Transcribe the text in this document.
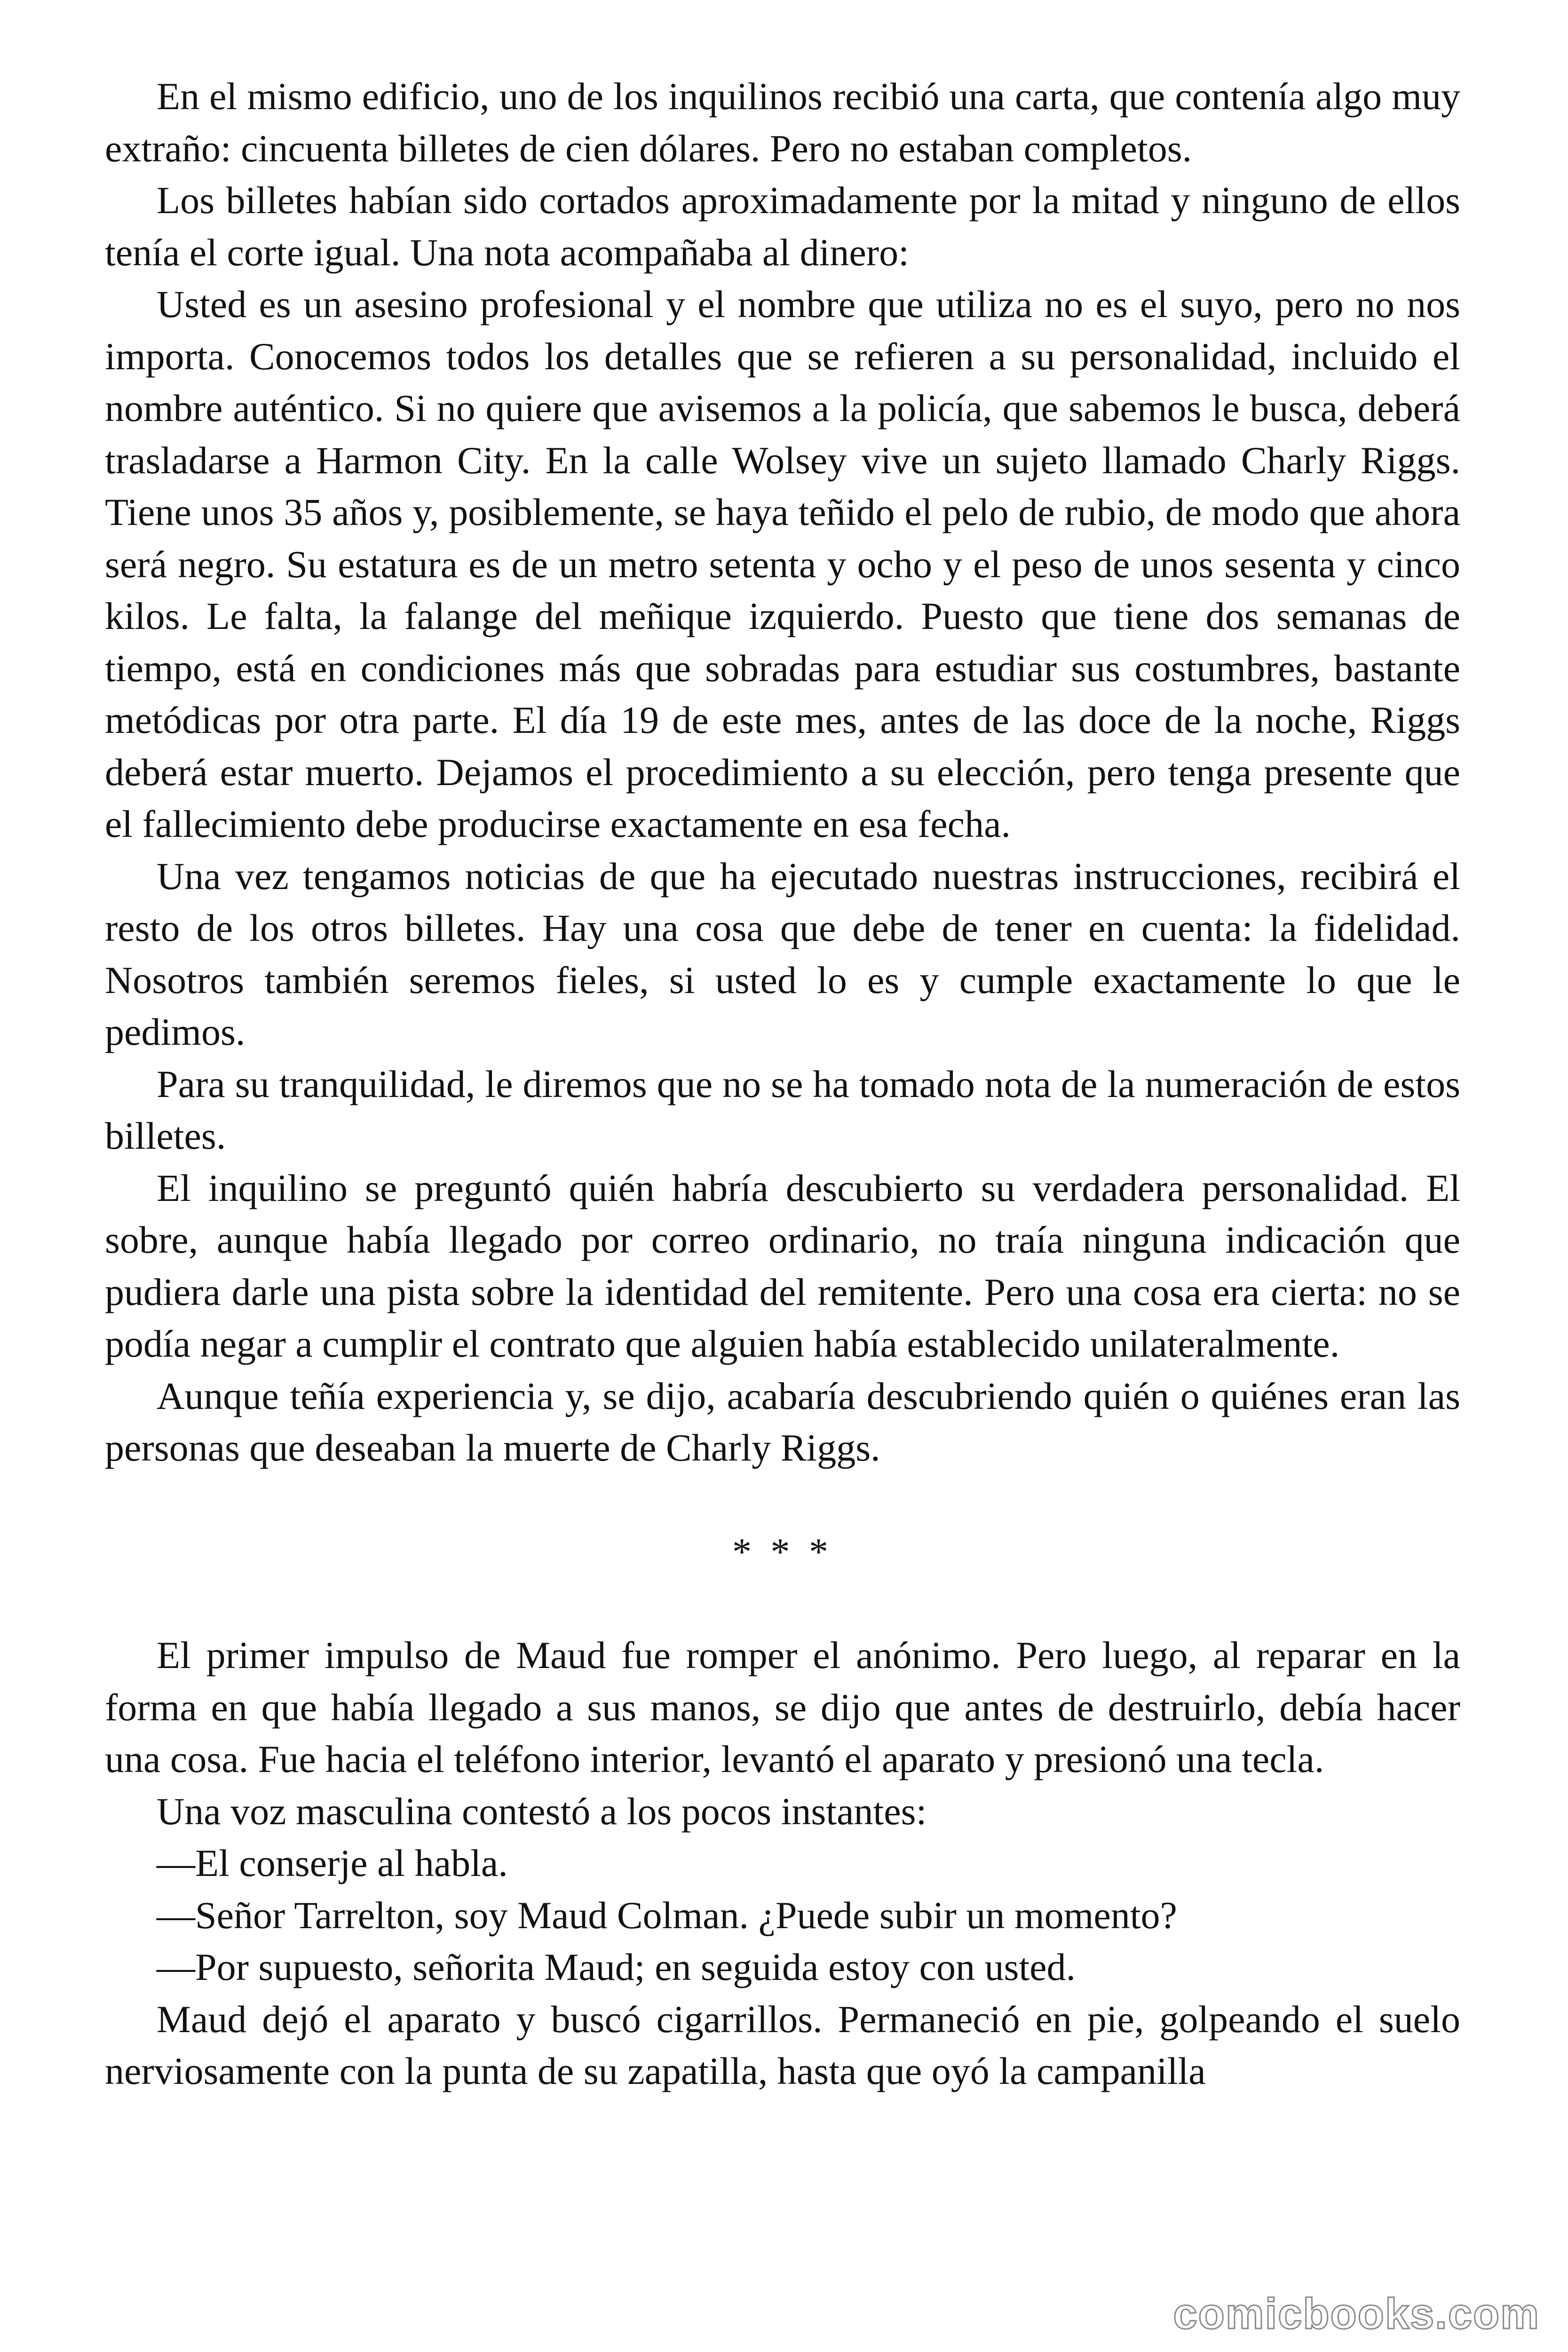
En el mismo edificio, uno de los inquilinos recibió una carta, que contenía algo muy extraño: cincuenta billetes de cien dólares. Pero no estaban completos.

Los billetes habían sido cortados aproximadamente por la mitad y ninguno de ellos tenía el corte igual. Una nota acompañaba al dinero:

Usted es un asesino profesional y el nombre que utiliza no es el suyo, pero no nos importa. Conocemos todos los detalles que se refieren a su personalidad, incluido el nombre auténtico. Si no quiere que avisemos a la policía, que sabemos le busca, deberá trasladarse a Harmon City. En la calle Wolsey vive un sujeto llamado Charly Riggs. Tiene unos 35 años y, posiblemente, se haya teñido el pelo de rubio, de modo que ahora será negro. Su estatura es de un metro setenta y ocho y el peso de unos sesenta y cinco kilos. Le falta, la falange del meñique izquierdo. Puesto que tiene dos semanas de tiempo, está en condiciones más que sobradas para estudiar sus costumbres, bastante metódicas por otra parte. El día 19 de este mes, antes de las doce de la noche, Riggs deberá estar muerto. Dejamos el procedimiento a su elección, pero tenga presente que el fallecimiento debe producirse exactamente en esa fecha.

Una vez tengamos noticias de que ha ejecutado nuestras instrucciones, recibirá el resto de los otros billetes. Hay una cosa que debe de tener en cuenta: la fidelidad. Nosotros también seremos fieles, si usted lo es y cumple exactamente lo que le pedimos.

Para su tranquilidad, le diremos que no se ha tomado nota de la numeración de estos billetes.

El inquilino se preguntó quién habría descubierto su verdadera personalidad. El sobre, aunque había llegado por correo ordinario, no traía ninguna indicación que pudiera darle una pista sobre la identidad del remitente. Pero una cosa era cierta: no se podía negar a cumplir el contrato que alguien había establecido unilateralmente.

Aunque teñía experiencia y, se dijo, acabaría descubriendo quién o quiénes eran las personas que deseaban la muerte de Charly Riggs.

* * *

El primer impulso de Maud fue romper el anónimo. Pero luego, al reparar en la forma en que había llegado a sus manos, se dijo que antes de destruirlo, debía hacer una cosa. Fue hacia el teléfono interior, levantó el aparato y presionó una tecla.

Una voz masculina contestó a los pocos instantes:

—El conserje al habla.

—Señor Tarrelton, soy Maud Colman. ¿Puede subir un momento?

—Por supuesto, señorita Maud; en seguida estoy con usted.

Maud dejó el aparato y buscó cigarrillos. Permaneció en pie, golpeando el suelo nerviosamente con la punta de su zapatilla, hasta que oyó la campanilla

comicbooks.com
